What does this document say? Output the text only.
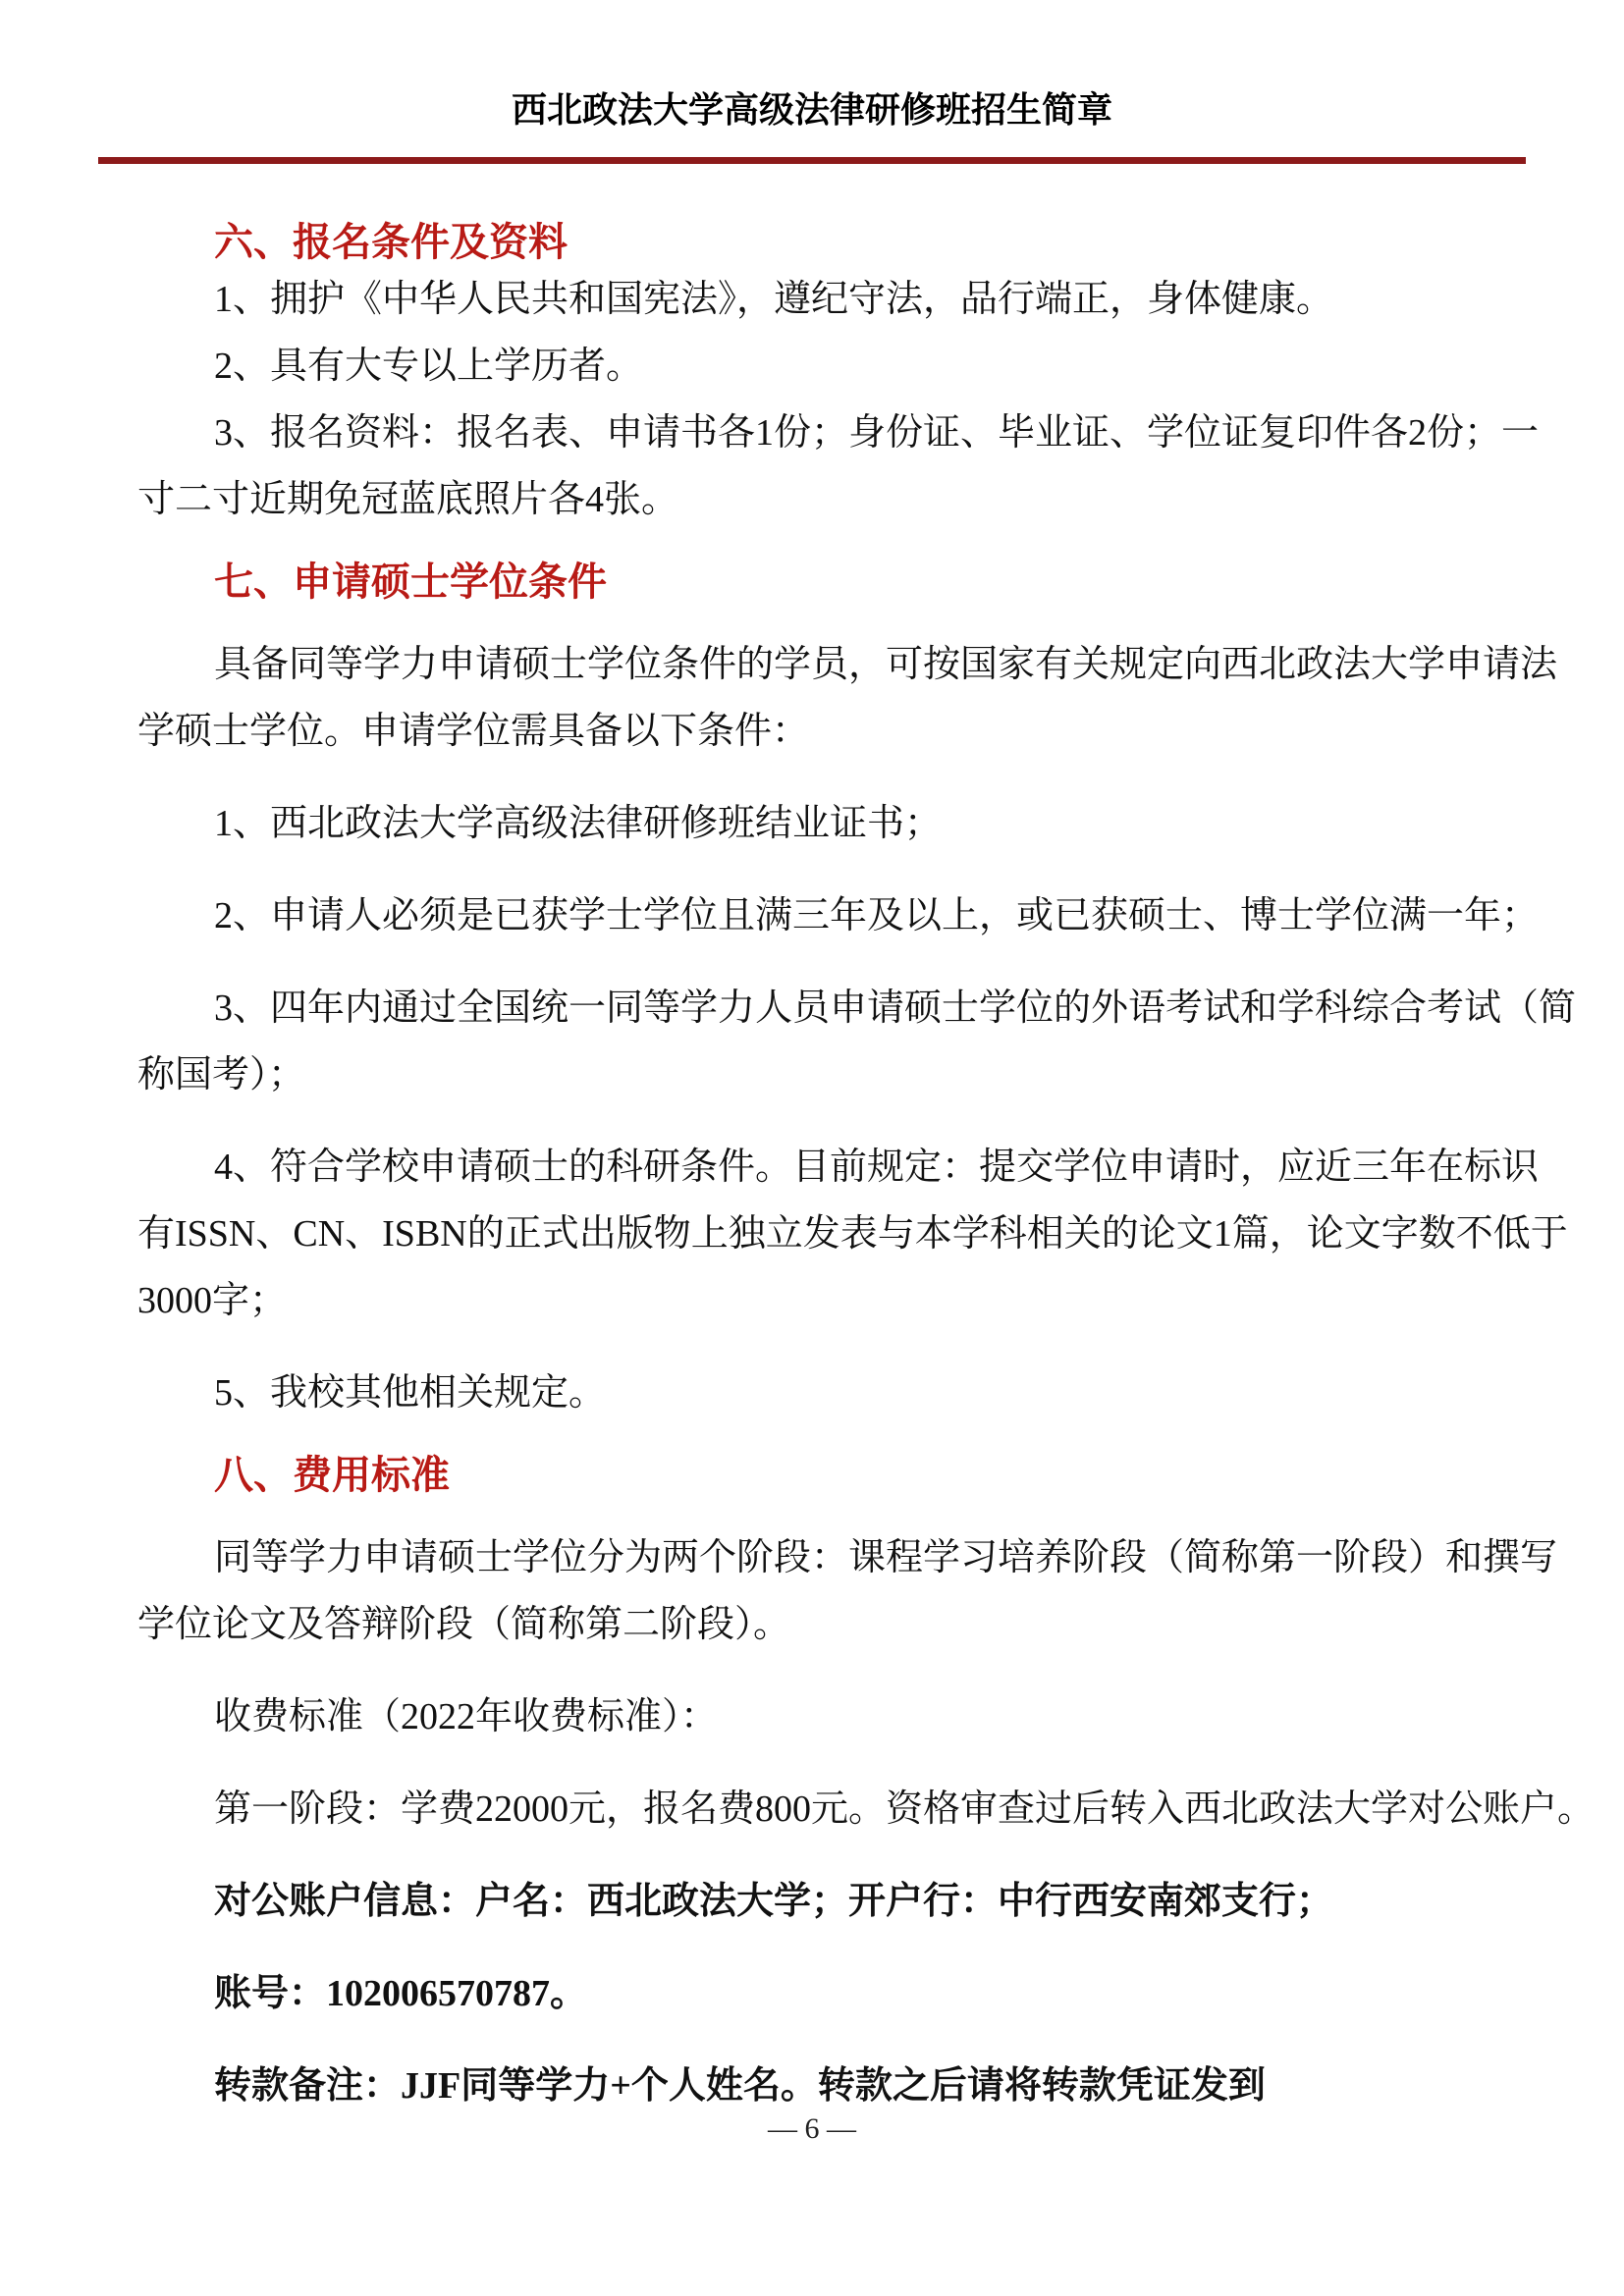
西北政法大学高级法律研修班招生简章
六、报名条件及资料
1、拥护《中华人民共和国宪法》，遵纪守法，品行端正，身体健康。
2、具有大专以上学历者。
3、报名资料：报名表、申请书各1份；身份证、毕业证、学位证复印件各2份；一
寸二寸近期免冠蓝底照片各4张。
七、申请硕士学位条件
具备同等学力申请硕士学位条件的学员，可按国家有关规定向西北政法大学申请法
学硕士学位。申请学位需具备以下条件：
1、西北政法大学高级法律研修班结业证书；
2、申请人必须是已获学士学位且满三年及以上，或已获硕士、博士学位满一年；
3、四年内通过全国统一同等学力人员申请硕士学位的外语考试和学科综合考试（简
称国考）；
4、符合学校申请硕士的科研条件。目前规定：提交学位申请时，应近三年在标识
有ISSN、CN、ISBN的正式出版物上独立发表与本学科相关的论文1篇，论文字数不低于
3000字；
5、我校其他相关规定。
八、费用标准
同等学力申请硕士学位分为两个阶段：课程学习培养阶段（简称第一阶段）和撰写
学位论文及答辩阶段（简称第二阶段）。
收费标准（2022年收费标准）：
第一阶段：学费22000元，报名费800元。资格审查过后转入西北政法大学对公账户。
对公账户信息：户名：西北政法大学；开户行：中行西安南郊支行；
账号：102006570787。
转款备注：JJF同等学力+个人姓名。转款之后请将转款凭证发到
— 6 —
